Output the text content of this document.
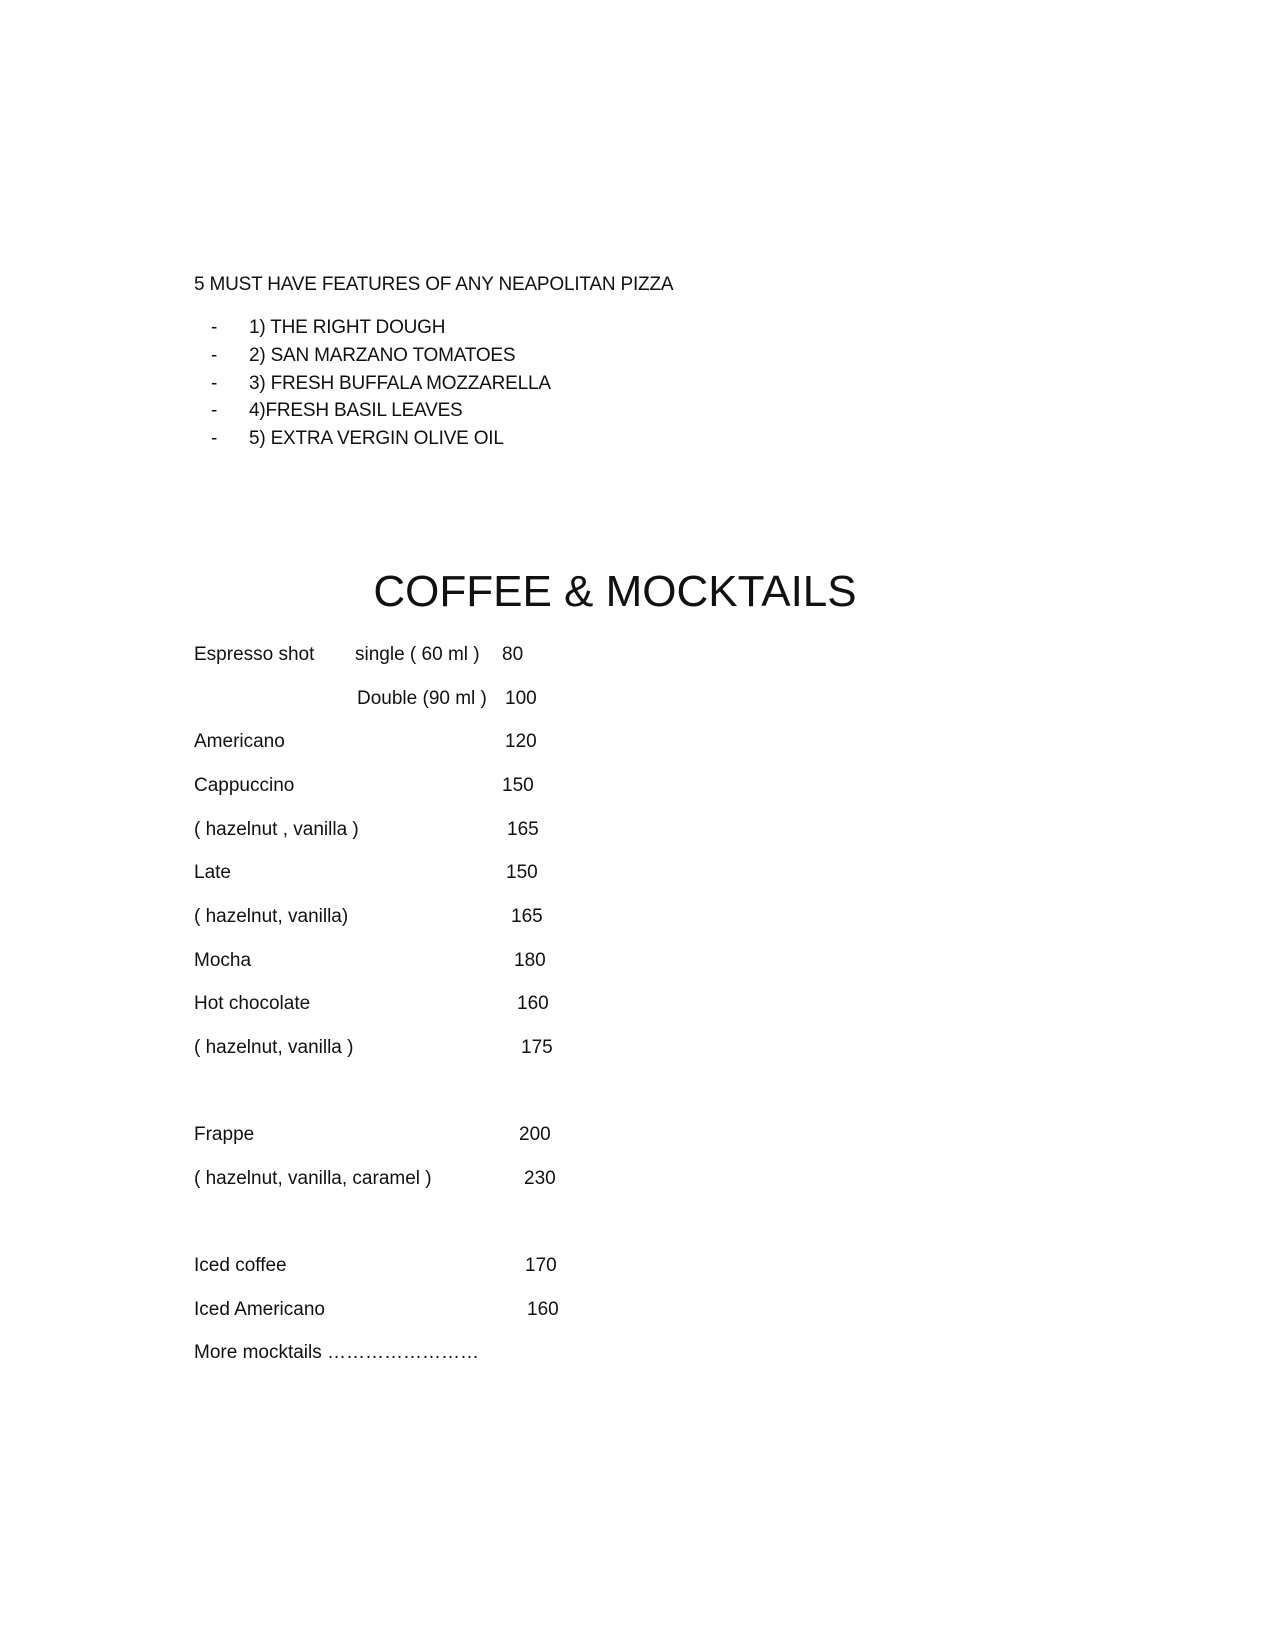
5 MUST HAVE FEATURES OF ANY NEAPOLITAN PIZZA
- 1) THE RIGHT DOUGH
- 2) SAN MARZANO TOMATOES
- 3) FRESH BUFFALA MOZZARELLA
- 4)FRESH BASIL LEAVES
- 5) EXTRA VERGIN OLIVE OIL
COFFEE & MOCKTAILS
Espresso shot single ( 60 ml ) 80
Double (90 ml ) 100
Americano	120
Cappuccino	150
( hazelnut , vanilla )	165
Late	150
( hazelnut, vanilla)	165
Mocha	180
Hot chocolate	160
( hazelnut, vanilla )	175
Frappe	200
( hazelnut, vanilla, caramel )	230
Iced coffee	170
Iced Americano	160
More mocktails ……………………
